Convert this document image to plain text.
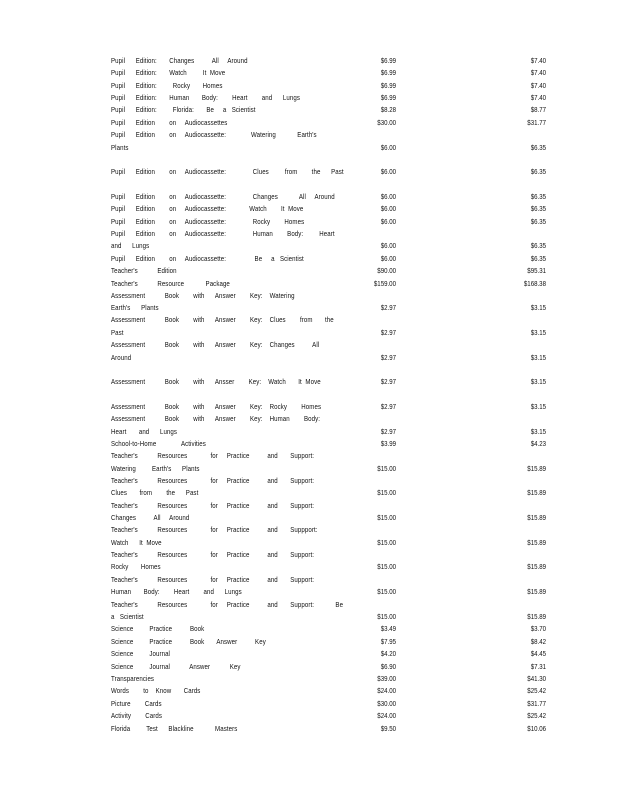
Pupil      Edition:       Changes          All     Around	$6.99	$7.40
Pupil      Edition:       Watch         It  Move	$6.99	$7.40
Pupil      Edition:         Rocky       Homes	$6.99	$7.40
Pupil      Edition:       Human       Body:        Heart        and      Lungs	$6.99	$7.40
Pupil      Edition:         Florida:       Be     a   Scientist	$8.28	$8.77
Pupil      Edition        on     Audiocassettes	$30.00	$31.77
Pupil      Edition        on     Audiocassette:              Watering            Earth's
Plants	$6.00	$6.35
Pupil      Edition        on     Audiocassette:               Clues         from        the      Past	$6.00	$6.35
Pupil      Edition        on     Audiocassette:               Changes            All     Around	$6.00	$6.35
Pupil      Edition        on     Audiocassette:             Watch        It  Move	$6.00	$6.35
Pupil      Edition        on     Audiocassette:               Rocky        Homes	$6.00	$6.35
Pupil      Edition        on     Audiocassette:               Human        Body:         Heart
and      Lungs	$6.00	$6.35
Pupil      Edition        on     Audiocassette:                Be     a   Scientist	$6.00	$6.35
Teacher's           Edition	$90.00	$95.31
Teacher's           Resource            Package	$159.00	$168.38
Assessment           Book        with      Answer        Key:    Watering
Earth's      Plants	$2.97	$3.15
Assessment           Book        with      Answer        Key:    Clues        from       the
Past	$2.97	$3.15
Assessment           Book        with      Answer        Key:    Changes          All
Around	$2.97	$3.15
Assessment           Book        with      Ansser        Key:    Watch       It  Move	$2.97	$3.15
Assessment           Book        with      Answer        Key:    Rocky        Homes	$2.97	$3.15
Assessment           Book        with      Answer        Key:    Human        Body:
Heart       and      Lungs	$2.97	$3.15
School-to-Home              Activities	$3.99	$4.23
Teacher's           Resources             for     Practice          and       Support:
Watering         Earth's      Plants	$15.00	$15.89
Teacher's           Resources             for     Practice          and       Support:
Clues       from        the      Past	$15.00	$15.89
Teacher's           Resources             for     Practice          and       Support:
Changes          All     Around	$15.00	$15.89
Teacher's           Resources             for     Practice          and       Suppport:
Watch      It  Move	$15.00	$15.89
Teacher's           Resources             for     Practice          and       Support:
Rocky       Homes	$15.00	$15.89
Teacher's           Resources             for     Practice          and       Support:
Human       Body:        Heart        and      Lungs	$15.00	$15.89
Teacher's           Resources             for     Practice          and       Support:            Be
a   Scientist	$15.00	$15.89
Science         Practice          Book	$3.49	$3.70
Science         Practice          Book       Answer          Key	$7.95	$8.42
Science         Journal	$4.20	$4.45
Science         Journal           Answer           Key	$6.90	$7.31
Transparencies	$39.00	$41.30
Words        to    Know       Cards	$24.00	$25.42
Picture        Cards	$30.00	$31.77
Activity        Cards	$24.00	$25.42
Florida         Test      Blackline            Masters	$9.50	$10.06
